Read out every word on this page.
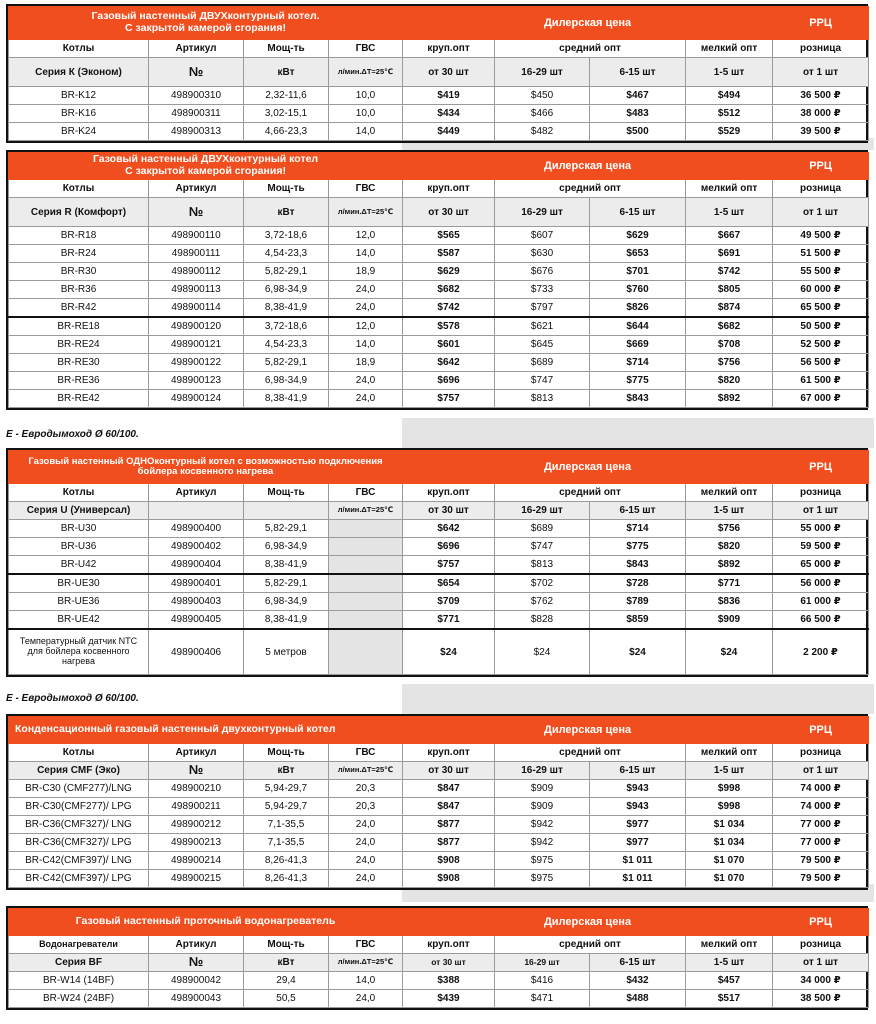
Газовый настенный ДВУХконтурный котел.
С закрытой камерой сгорания!				Дилерская цена				РРЦ
Котлы	Артикул	Мощ-ть	ГВС	круп.опт	средний опт		мелкий опт	розница
Серия К (Эконом)	№	кВт	л/мин.ΔT=25℃	от 30 шт	16-29 шт	6-15 шт	1-5 шт	от 1 шт
BR-K12	498900310	2,32-11,6	10,0	$419	$450	$467	$494	36 500 ₽
BR-K16	498900311	3,02-15,1	10,0	$434	$466	$483	$512	38 000 ₽
BR-K24	498900313	4,66-23,3	14,0	$449	$482	$500	$529	39 500 ₽
Газовый настенный ДВУХконтурный котел
С закрытой камерой сгорания!				Дилерская цена				РРЦ
Котлы	Артикул	Мощ-ть	ГВС	круп.опт	средний опт		мелкий опт	розница
Серия R (Комфорт)	№	кВт	л/мин.ΔT=25℃	от 30 шт	16-29 шт	6-15 шт	1-5 шт	от 1 шт
BR-R18	498900110	3,72-18,6	12,0	$565	$607	$629	$667	49 500 ₽
BR-R24	498900111	4,54-23,3	14,0	$587	$630	$653	$691	51 500 ₽
BR-R30	498900112	5,82-29,1	18,9	$629	$676	$701	$742	55 500 ₽
BR-R36	498900113	6,98-34,9	24,0	$682	$733	$760	$805	60 000 ₽
BR-R42	498900114	8,38-41,9	24,0	$742	$797	$826	$874	65 500 ₽
BR-RE18	498900120	3,72-18,6	12,0	$578	$621	$644	$682	50 500 ₽
BR-RE24	498900121	4,54-23,3	14,0	$601	$645	$669	$708	52 500 ₽
BR-RE30	498900122	5,82-29,1	18,9	$642	$689	$714	$756	56 500 ₽
BR-RE36	498900123	6,98-34,9	24,0	$696	$747	$775	$820	61 500 ₽
BR-RE42	498900124	8,38-41,9	24,0	$757	$813	$843	$892	67 000 ₽
E - Евродымоход Ø 60/100.
Газовый настенный ОДНОконтурный котел с возможностью подключения бойлера косвенного нагрева				Дилерская цена				РРЦ
Котлы	Артикул	Мощ-ть	ГВС	круп.опт	средний опт		мелкий опт	розница
Серия U (Универсал)			л/мин.ΔT=25℃	от 30 шт	16-29 шт	6-15 шт	1-5 шт	от 1 шт
BR-U30	498900400	5,82-29,1		$642	$689	$714	$756	55 000 ₽
BR-U36	498900402	6,98-34,9		$696	$747	$775	$820	59 500 ₽
BR-U42	498900404	8,38-41,9		$757	$813	$843	$892	65 000 ₽
BR-UE30	498900401	5,82-29,1		$654	$702	$728	$771	56 000 ₽
BR-UE36	498900403	6,98-34,9		$709	$762	$789	$836	61 000 ₽
BR-UE42	498900405	8,38-41,9		$771	$828	$859	$909	66 500 ₽
Температурный датчик NTC для бойлера косвенного нагрева	498900406	5 метров		$24	$24	$24	$24	2 200 ₽
E - Евродымоход Ø 60/100.
Конденсационный газовый настенный двухконтурный котел				Дилерская цена				РРЦ
Котлы	Артикул	Мощ-ть	ГВС	круп.опт	средний опт		мелкий опт	розница
Серия CMF (Эко)	№	кВт	л/мин.ΔT=25℃	от 30 шт	16-29 шт	6-15 шт	1-5 шт	от 1 шт
BR-C30 (CMF277)/LNG	498900210	5,94-29,7	20,3	$847	$909	$943	$998	74 000 ₽
BR-C30(CMF277)/ LPG	498900211	5,94-29,7	20,3	$847	$909	$943	$998	74 000 ₽
BR-C36(CMF327)/ LNG	498900212	7,1-35,5	24,0	$877	$942	$977	$1 034	77 000 ₽
BR-C36(CMF327)/ LPG	498900213	7,1-35,5	24,0	$877	$942	$977	$1 034	77 000 ₽
BR-C42(CMF397)/ LNG	498900214	8,26-41,3	24,0	$908	$975	$1 011	$1 070	79 500 ₽
BR-C42(CMF397)/ LPG	498900215	8,26-41,3	24,0	$908	$975	$1 011	$1 070	79 500 ₽
Газовый настенный проточный водонагреватель				Дилерская цена				РРЦ
Водонагреватели	Артикул	Мощ-ть	ГВС	круп.опт	средний опт		мелкий опт	розница
Серия BF	№	кВт	л/мин.ΔT=25℃	от 30 шт	16-29 шт	6-15 шт	1-5 шт	от 1 шт
BR-W14 (14BF)	498900042	29,4	14,0	$388	$416	$432	$457	34 000 ₽
BR-W24 (24BF)	498900043	50,5	24,0	$439	$471	$488	$517	38 500 ₽
